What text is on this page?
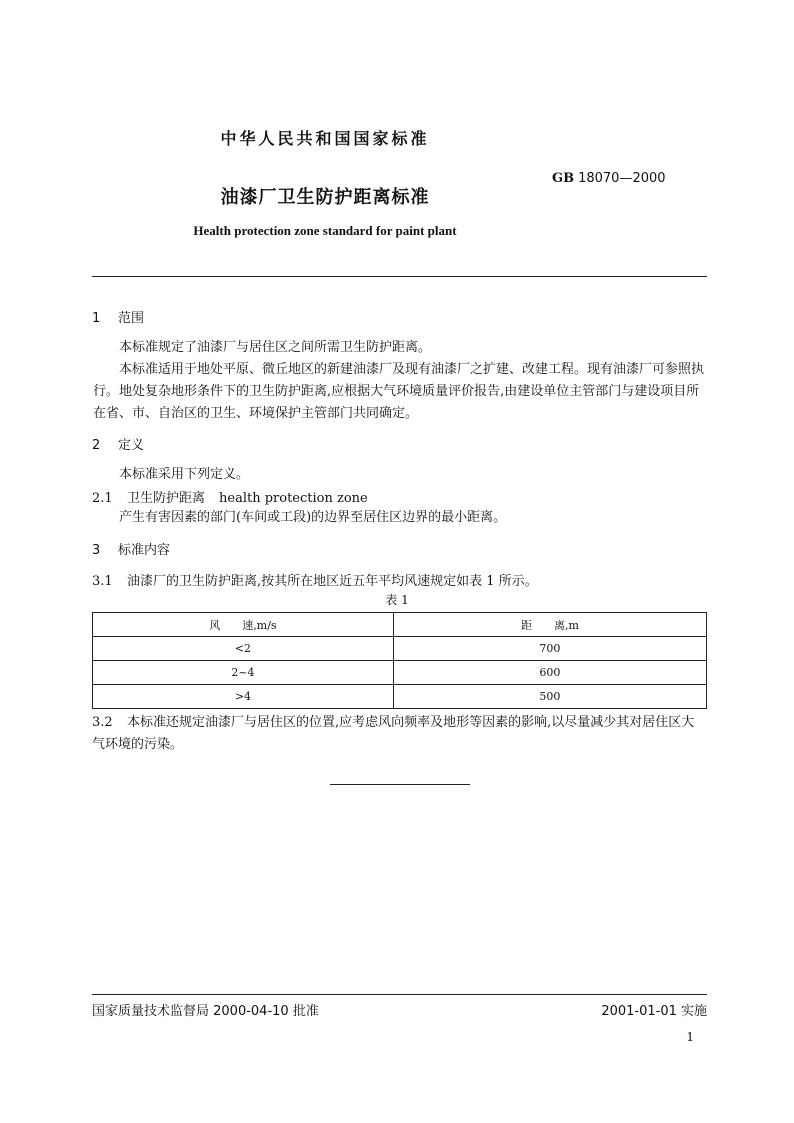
中华人民共和国国家标准
GB 18070—2000
油漆厂卫生防护距离标准
Health protection zone standard for paint plant
1 范围
本标准规定了油漆厂与居住区之间所需卫生防护距离。
本标准适用于地处平原、微丘地区的新建油漆厂及现有油漆厂之扩建、改建工程。现有油漆厂可参照执行。地处复杂地形条件下的卫生防护距离,应根据大气环境质量评价报告,由建设单位主管部门与建设项目所在省、市、自治区的卫生、环境保护主管部门共同确定。
2 定义
本标准采用下列定义。
2.1 卫生防护距离 health protection zone
产生有害因素的部门(车间或工段)的边界至居住区边界的最小距离。
3 标准内容
3.1 油漆厂的卫生防护距离,按其所在地区近五年平均风速规定如表 1 所示。
表 1
风　　速,m/s	距　　离,m
<2	700
2~4	600
>4	500
3.2 本标准还规定油漆厂与居住区的位置,应考虑风向频率及地形等因素的影响,以尽量减少其对居住区大气环境的污染。
国家质量技术监督局 2000-04-10 批准	2001-01-01 实施
1
